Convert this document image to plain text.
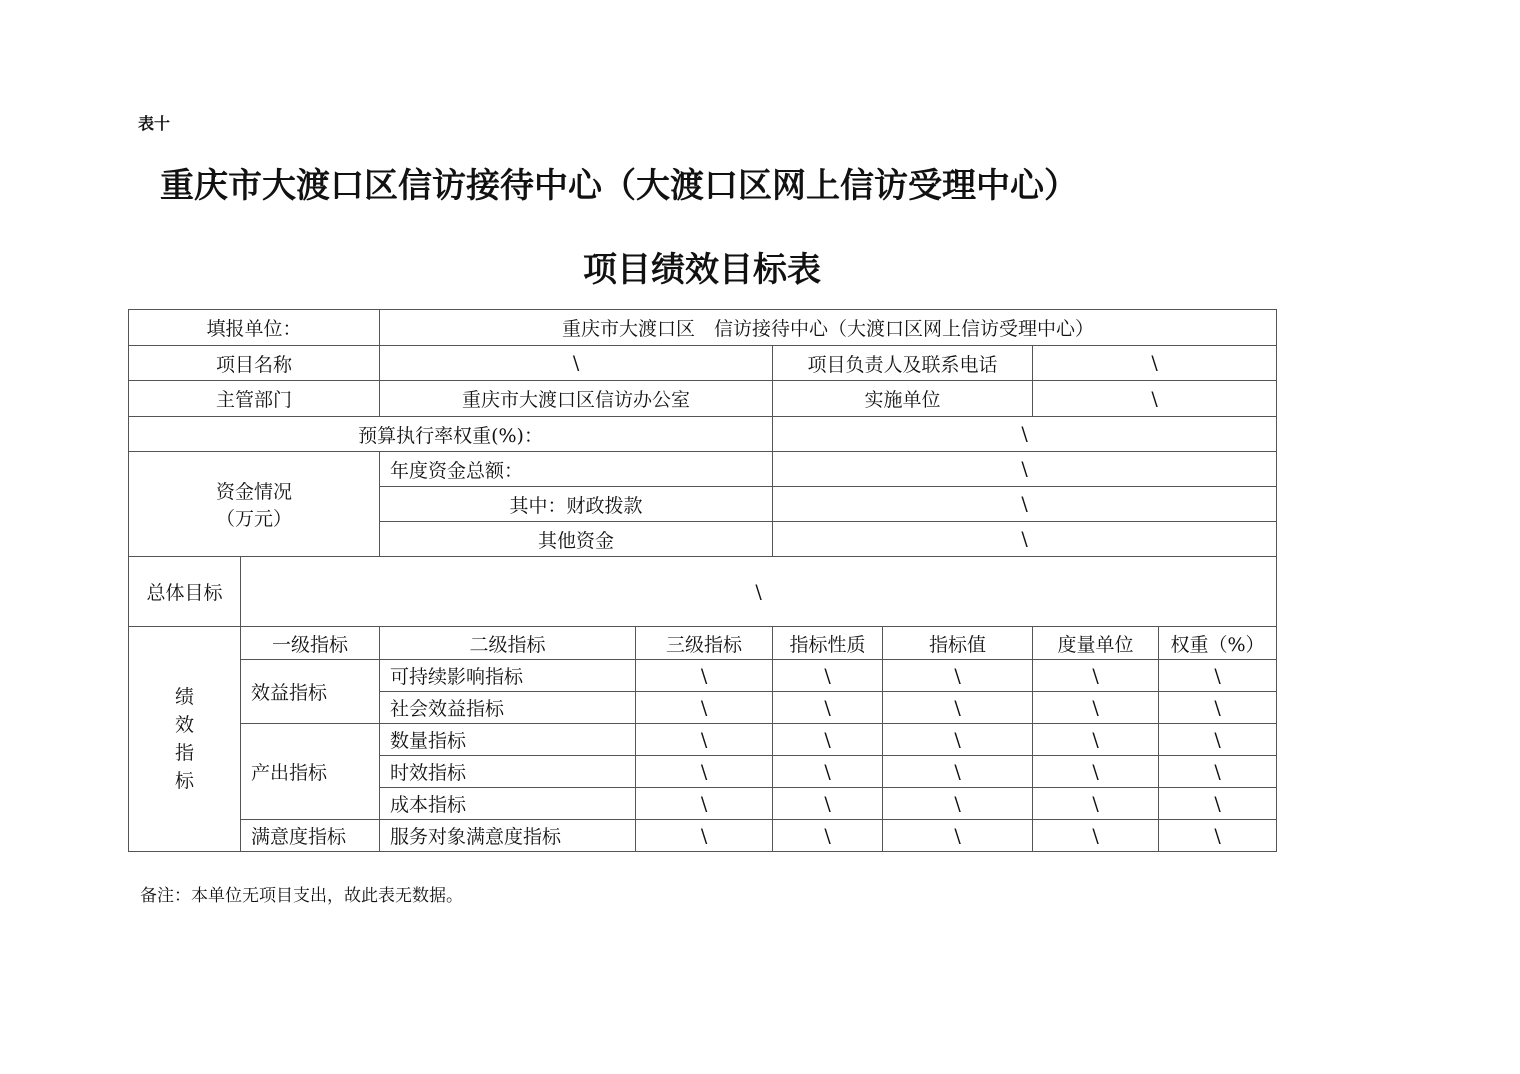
表十
重庆市大渡口区信访接待中心（大渡口区网上信访受理中心）
项目绩效目标表
填报单位：		重庆市大渡口区　信访接待中心（大渡口区网上信访受理中心）					
项目名称		\		项目负责人及联系电话		\	
主管部门		重庆市大渡口区信访办公室		实施单位		\	
预算执行率权重(%)：				\			

资金情况
（万元）		年度资金总额：		\			
		其中：财政拨款		\			
		其他资金		\			
总体目标	\						

绩
效
指
标	一级指标	二级指标	三级指标	指标性质	指标值	度量单位	权重（%）
	效益指标	可持续影响指标	\	\	\	\	\
		社会效益指标	\	\	\	\	\
	产出指标	数量指标	\	\	\	\	\
		时效指标	\	\	\	\	\
		成本指标	\	\	\	\	\
	满意度指标	服务对象满意度指标	\	\	\	\	\
备注：本单位无项目支出，故此表无数据。
